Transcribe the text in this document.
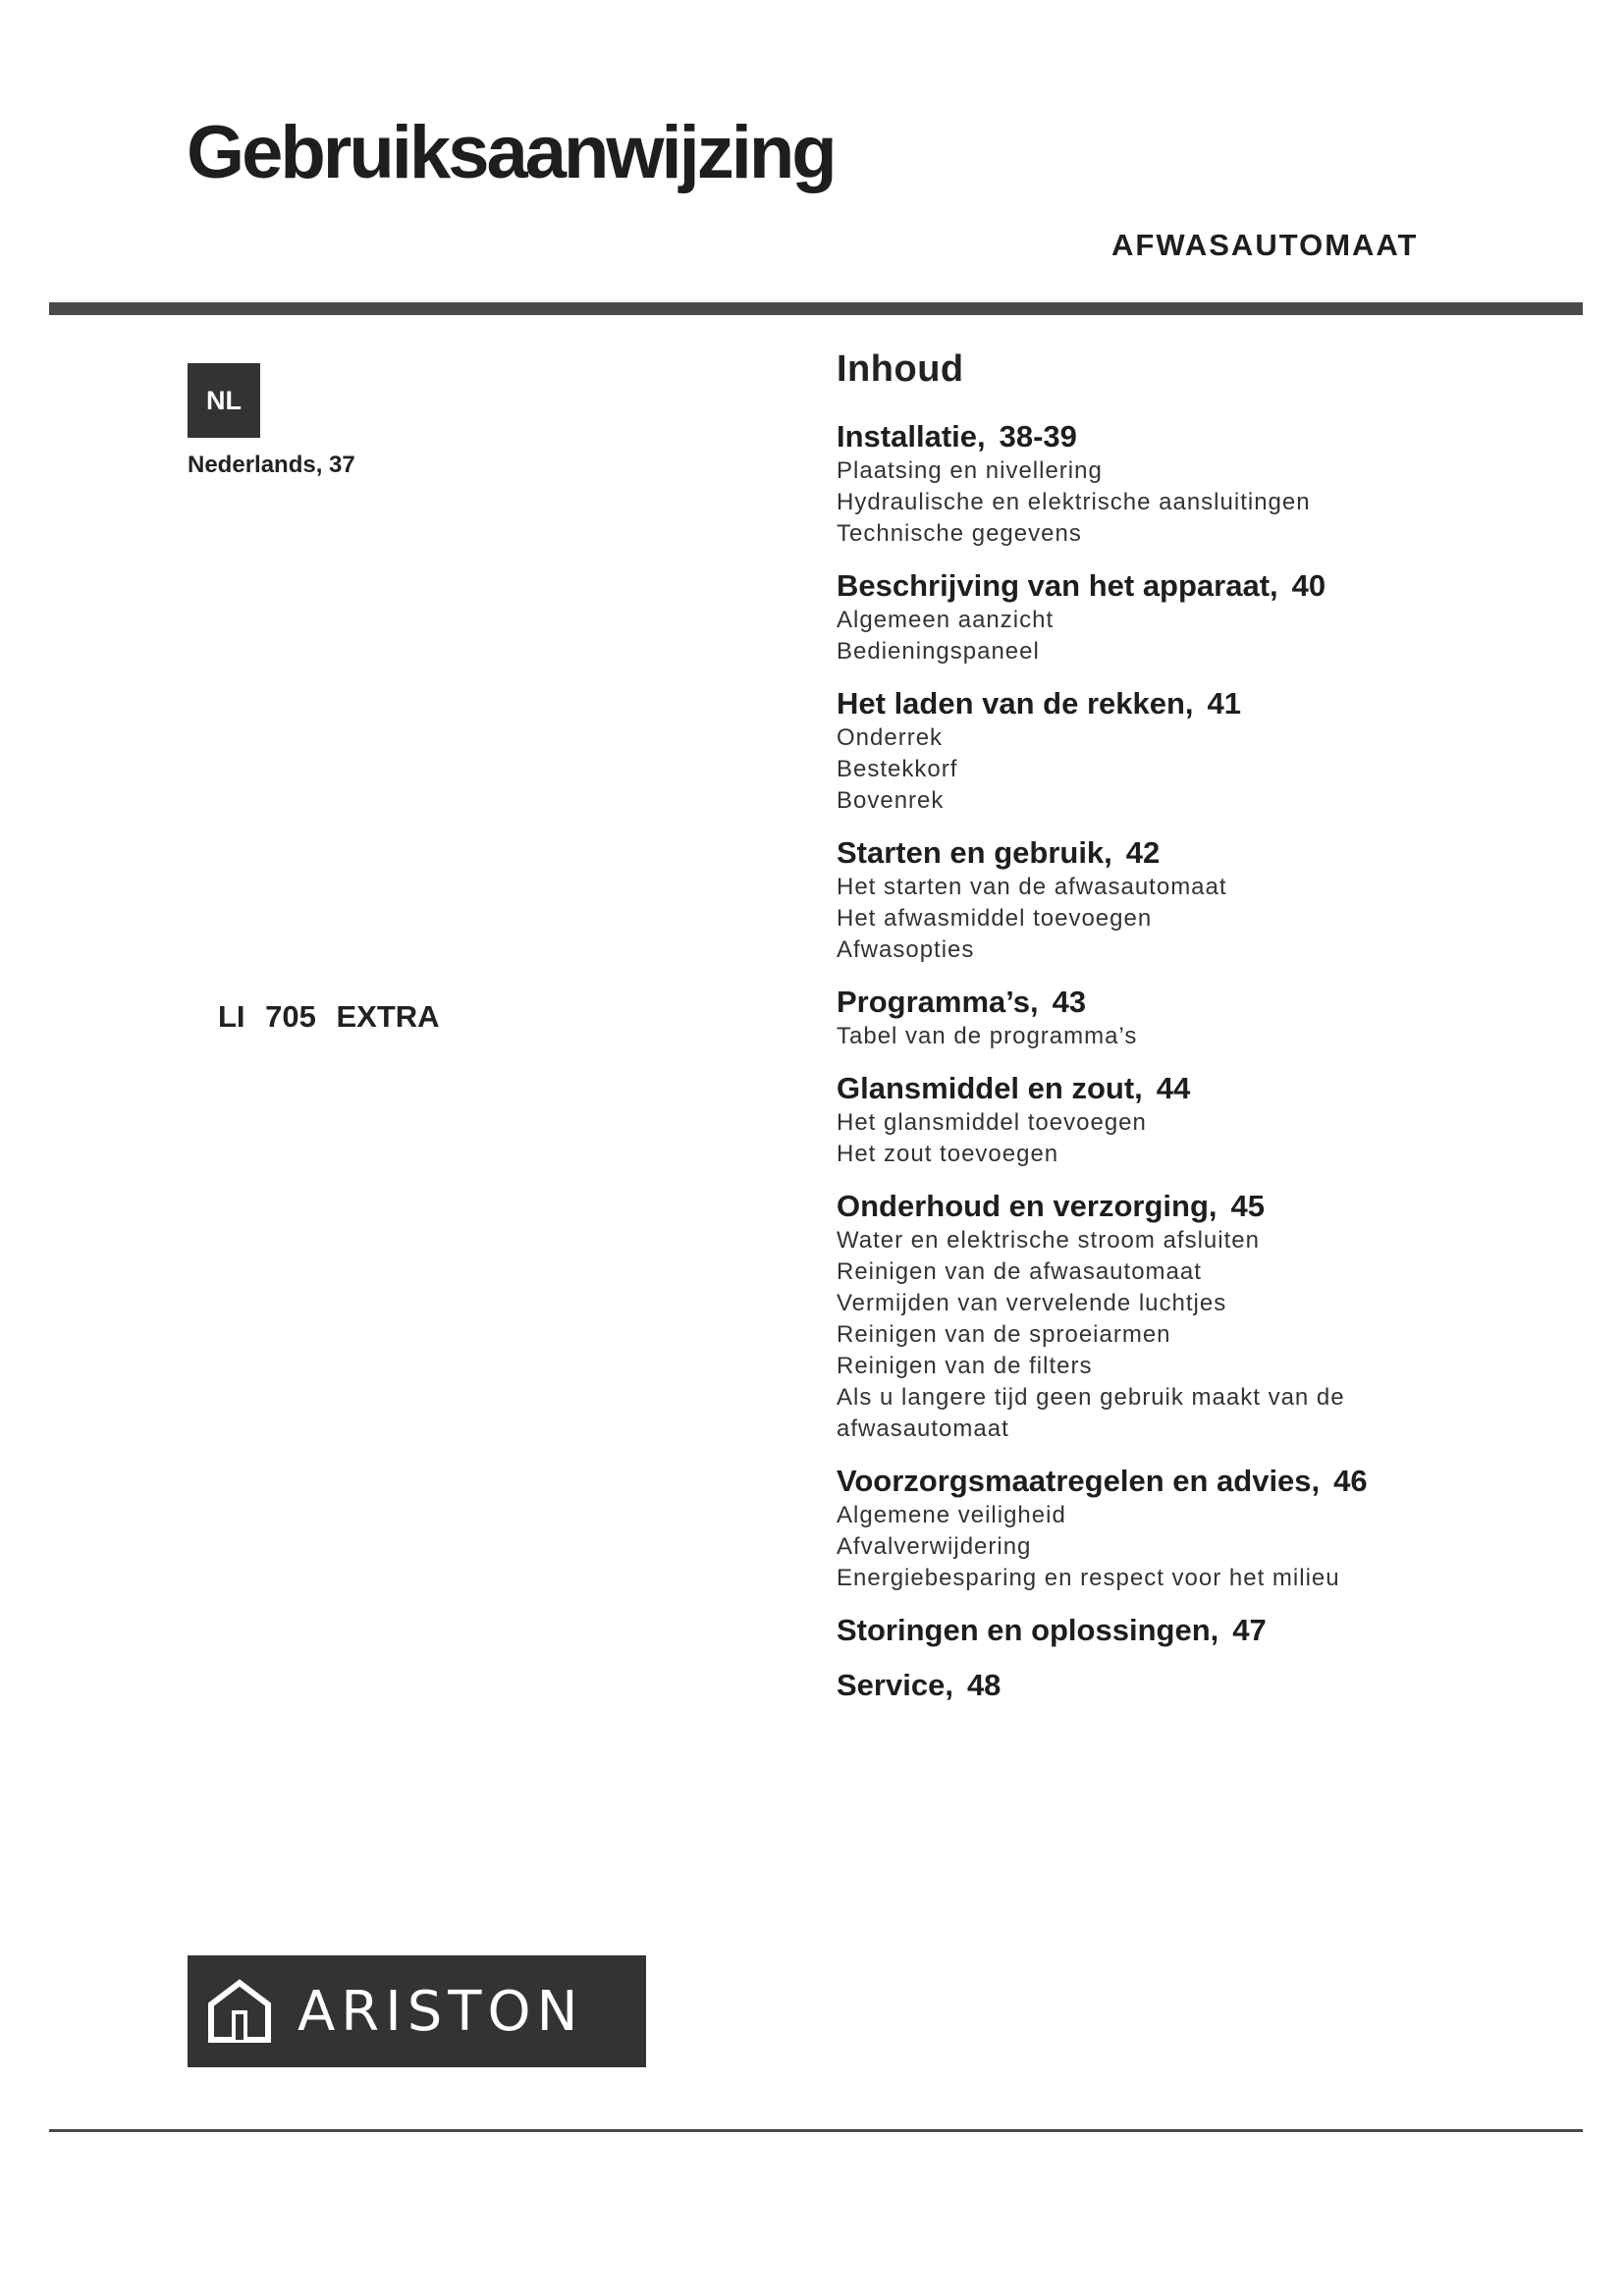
Gebruiksaanwijzing
AFWASAUTOMAAT
NL
Nederlands, 37
LI 705 EXTRA
Inhoud
Installatie, 38-39
Plaatsing en nivellering
Hydraulische en elektrische aansluitingen
Technische gegevens
Beschrijving van het apparaat, 40
Algemeen aanzicht
Bedieningspaneel
Het laden van de rekken, 41
Onderrek
Bestekkorf
Bovenrek
Starten en gebruik, 42
Het starten van de afwasautomaat
Het afwasmiddel toevoegen
Afwasopties
Programma’s, 43
Tabel van de programma’s
Glansmiddel en zout, 44
Het glansmiddel toevoegen
Het zout toevoegen
Onderhoud en verzorging, 45
Water en elektrische stroom afsluiten
Reinigen van de afwasautomaat
Vermijden van vervelende luchtjes
Reinigen van de sproeiarmen
Reinigen van de filters
Als u langere tijd geen gebruik maakt van de afwasautomaat
Voorzorgsmaatregelen en advies, 46
Algemene veiligheid
Afvalverwijdering
Energiebesparing en respect voor het milieu
Storingen en oplossingen, 47
Service, 48
ARISTON
